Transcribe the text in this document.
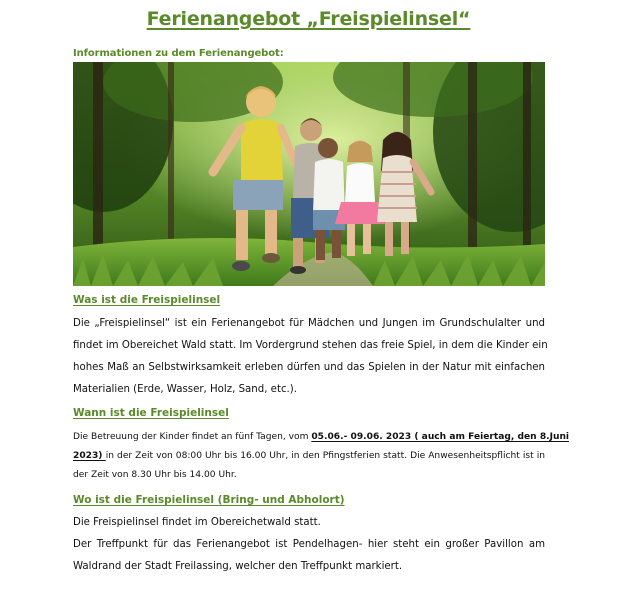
Ferienangebot „Freispielinsel“
Informationen zu dem Ferienangebot:
Was ist die Freispielinsel
Die „Freispielinsel“ ist ein Ferienangebot für Mädchen und Jungen im Grundschulalter und
findet im Obereichet Wald statt. Im Vordergrund stehen das freie Spiel, in dem die Kinder ein
hohes Maß an Selbstwirksamkeit erleben dürfen und das Spielen in der Natur mit einfachen
Materialien (Erde, Wasser, Holz, Sand, etc.).
Wann ist die Freispielinsel
Die Betreuung der Kinder findet an fünf Tagen, vom 05.06.- 09.06. 2023 ( auch am Feiertag, den 8.Juni
2023) in der Zeit von 08:00 Uhr bis 16.00 Uhr, in den Pfingstferien statt. Die Anwesenheitspflicht ist in
der Zeit von 8.30 Uhr bis 14.00 Uhr.
Wo ist die Freispielinsel (Bring- und Abholort)
Die Freispielinsel findet im Obereichetwald statt.
Der Treffpunkt für das Ferienangebot ist Pendelhagen- hier steht ein großer Pavillon am
Waldrand der Stadt Freilassing, welcher den Treffpunkt markiert.
